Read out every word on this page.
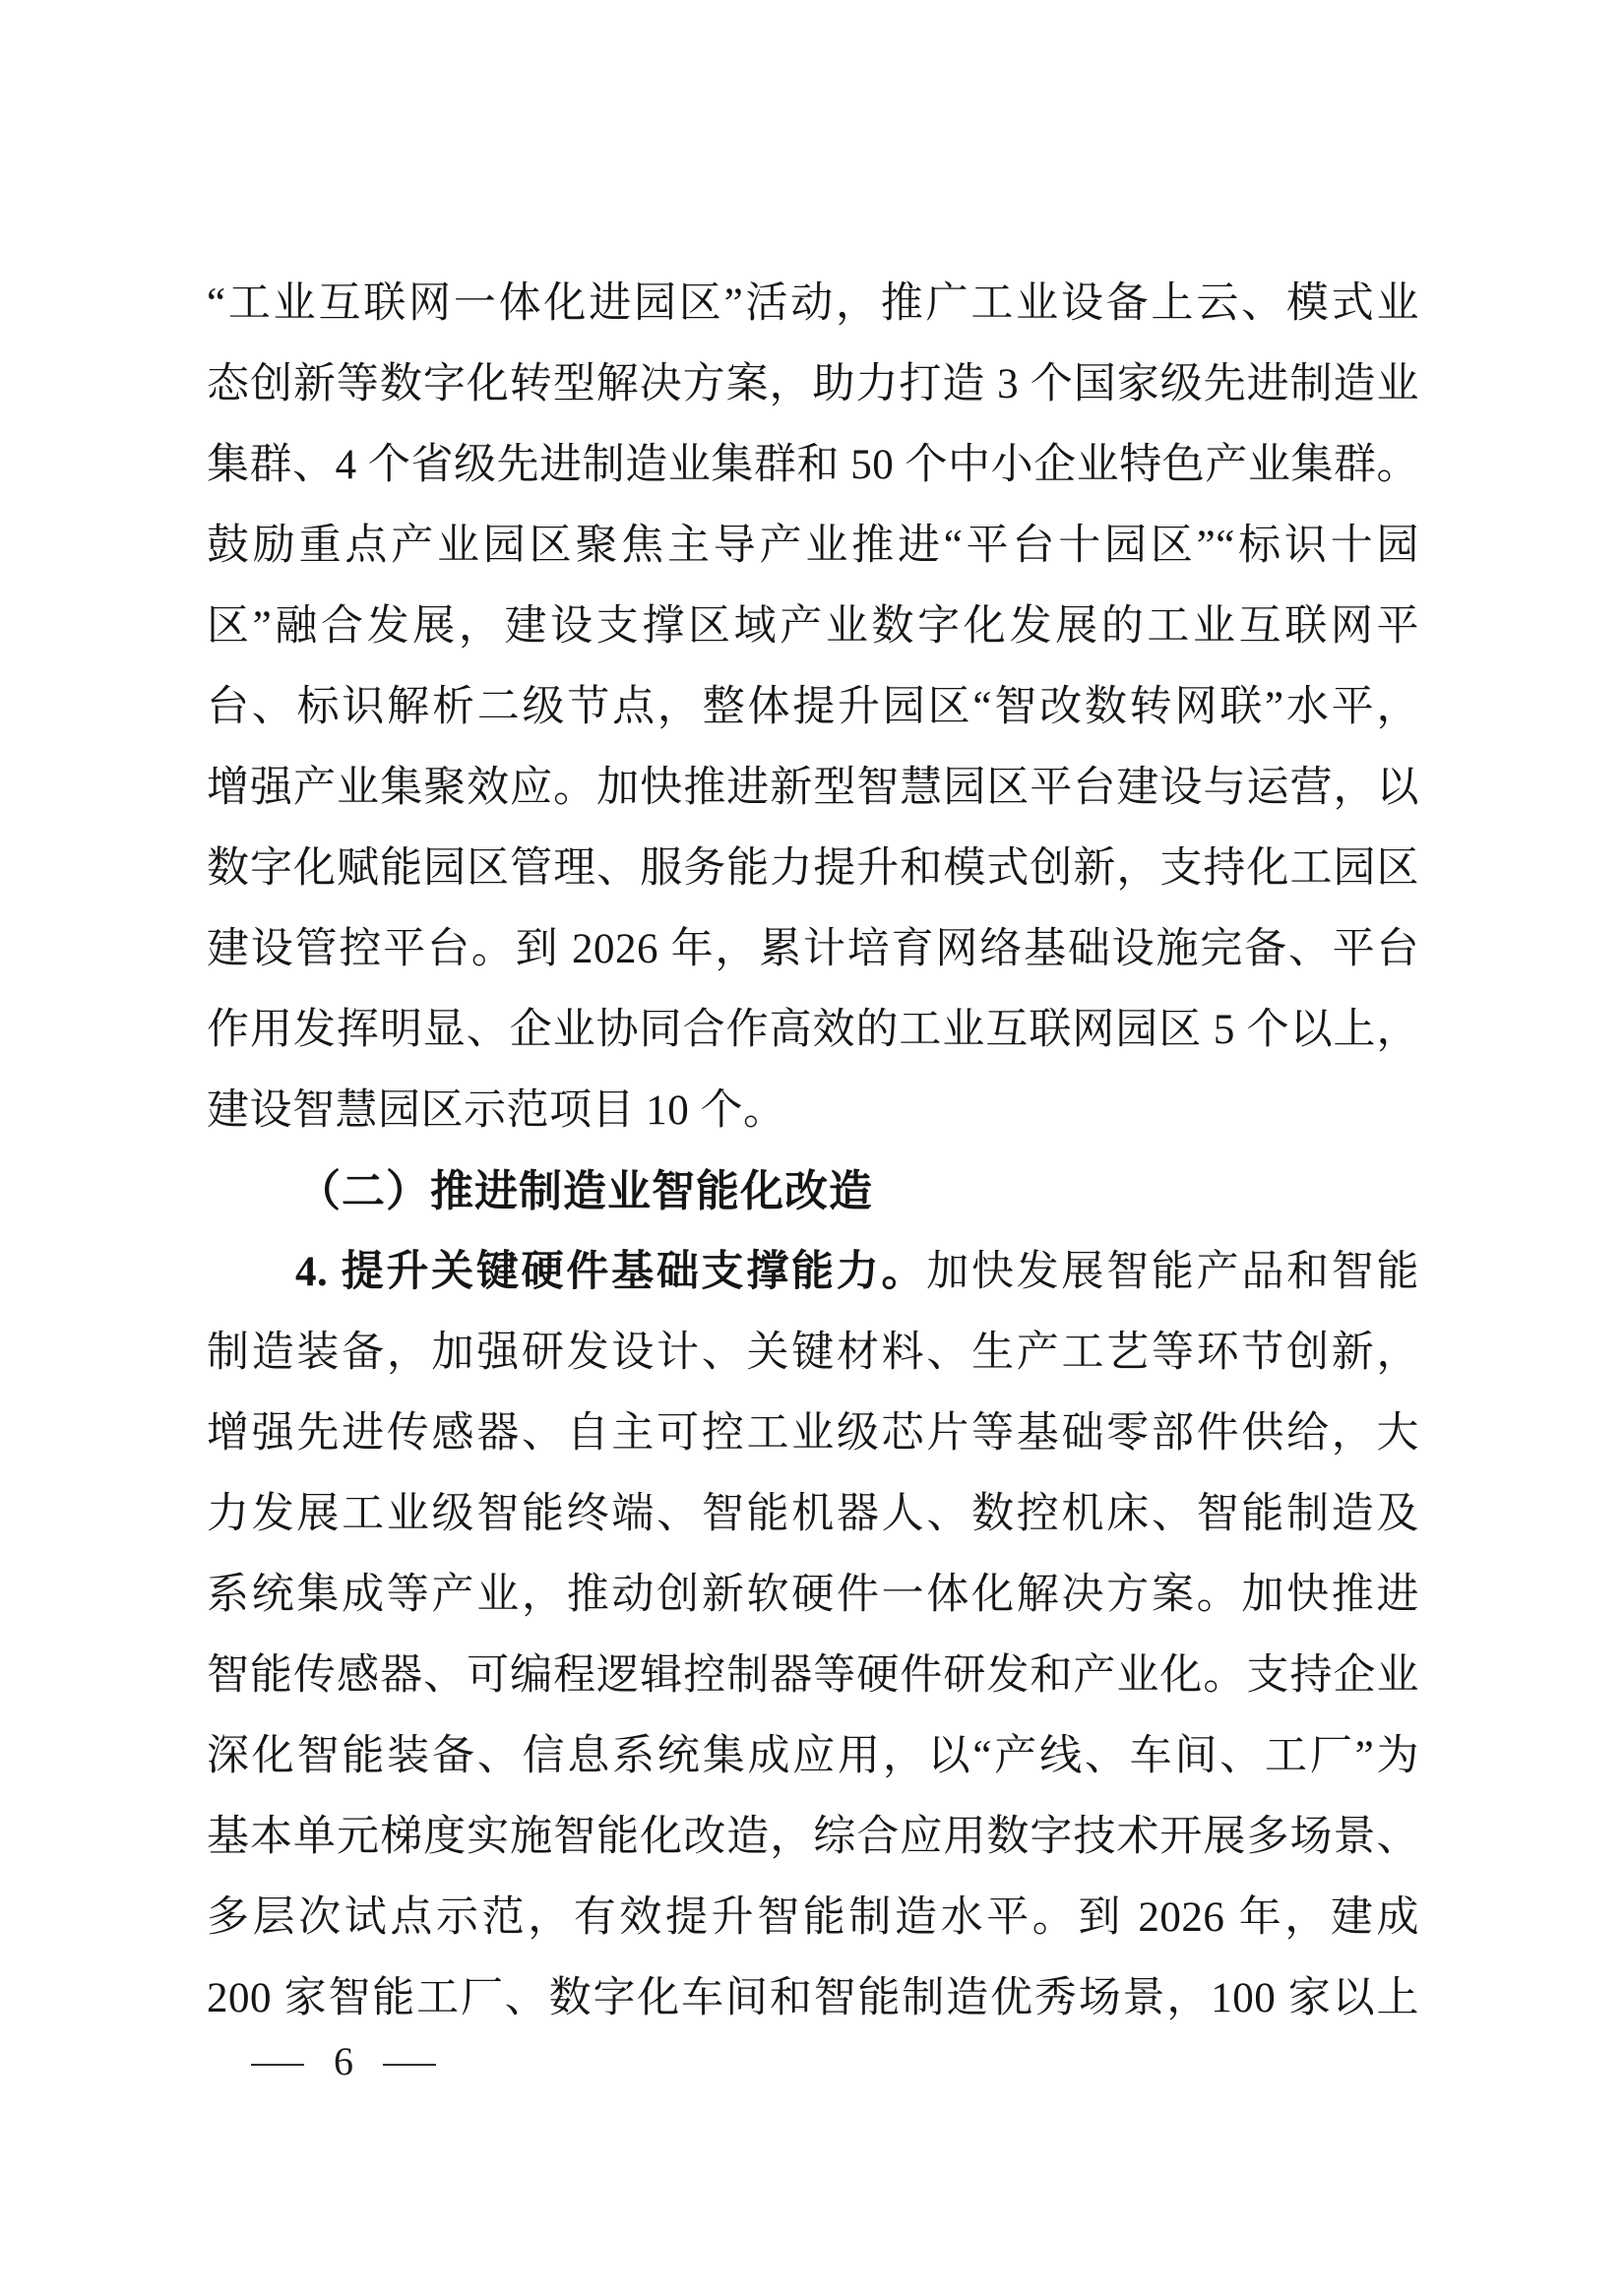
“工业互联网一体化进园区”活动，推广工业设备上云、模式业
态创新等数字化转型解决方案，助力打造 3 个国家级先进制造业
集群、4 个省级先进制造业集群和 50 个中小企业特色产业集群。
鼓励重点产业园区聚焦主导产业推进“平台十园区”“标识十园
区”融合发展，建设支撑区域产业数字化发展的工业互联网平
台、标识解析二级节点，整体提升园区“智改数转网联”水平，
增强产业集聚效应。加快推进新型智慧园区平台建设与运营，以
数字化赋能园区管理、服务能力提升和模式创新，支持化工园区
建设管控平台。到 2026 年，累计培育网络基础设施完备、平台
作用发挥明显、企业协同合作高效的工业互联网园区 5 个以上，
建设智慧园区示范项目 10 个。
（二）推进制造业智能化改造
4. 提升关键硬件基础支撑能力。加快发展智能产品和智能
制造装备，加强研发设计、关键材料、生产工艺等环节创新，
增强先进传感器、自主可控工业级芯片等基础零部件供给，大
力发展工业级智能终端、智能机器人、数控机床、智能制造及
系统集成等产业，推动创新软硬件一体化解决方案。加快推进
智能传感器、可编程逻辑控制器等硬件研发和产业化。支持企业
深化智能装备、信息系统集成应用，以“产线、车间、工厂”为
基本单元梯度实施智能化改造，综合应用数字技术开展多场景、
多层次试点示范，有效提升智能制造水平。到 2026 年，建成
200 家智能工厂、数字化车间和智能制造优秀场景，100 家以上
— 6 —
